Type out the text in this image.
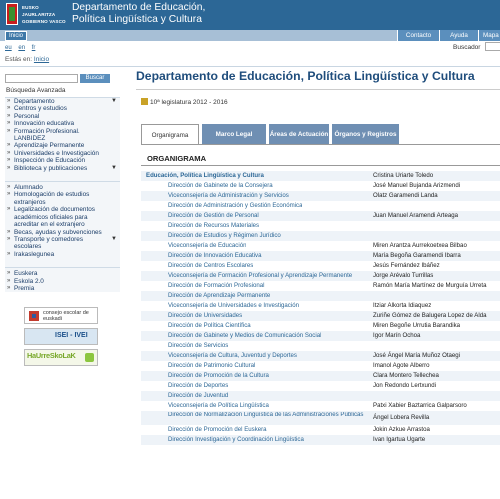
EUSKO JAURLARITZA
GOBIERNO VASCO
Departamento de Educación,
Política Lingüística y Cultura
Inicio	Contacto	Ayuda	Mapa
eu en fr	Buscador
Estás en: Inicio
Buscar
Búsqueda Avanzada
» Departamento	▼
» Centros y estudios
» Personal
» Innovación educativa
» Formación Profesional. LANBIDEZ
» Aprendizaje Permanente
» Universidades e Investigación
» Inspección de Educación
» Biblioteca y publicaciones	▼
» Alumnado
» Homologación de estudios extranjeros
» Legalización de documentos académicos oficiales para acreditar en el extranjero
» Becas, ayudas y subvenciones
» Transporte y comedores escolares
▼
» Irakaslegunea
» Euskera
» Eskola 2.0
» Premia
consejo escolar de euskadi
ISEI - IVEI
HaUrreSkoLaK
Departamento de Educación, Política Lingüística y Cultura
10ª legislatura 2012 - 2016
Organigrama	Marco Legal	Áreas de Actuación Órganos y Registros
ORGANIGRAMA
Educación, Política Lingüística y Cultura	Cristina Uriarte Toledo
Dirección de Gabinete de la Consejera	José Manuel Bujanda Arizmendi
Viceconsejería de Administración y Servicios	Olatz Garamendi Landa
Dirección de Administración y Gestión Económica
Dirección de Gestión de Personal	Juan Manuel Aramendi Arteaga
Dirección de Recursos Materiales
Dirección de Estudios y Régimen Jurídico
Viceconsejería de Educación	Miren Arantza Aurrekoetxea Bilbao
Dirección de Innovación Educativa	María Begoña Garamendi Ibarra
Dirección de Centros Escolares	Jesús Fernández Ibáñez
Viceconsejería de Formación Profesional y Aprendizaje Permanente	Jorge Arévalo Turrillas
Dirección de Formación Profesional	Ramón María Martínez de Murguía Urreta
Dirección de Aprendizaje Permanente
Viceconsejería de Universidades e Investigación	Itziar Alkorta Idiaquez
Dirección de Universidades	Zuriñe Gómez de Balugera Lopez de Alda
Dirección de Política Científica	Miren Begoñe Urrutia Barandika
Dirección de Gabinete y Medios de Comunicación Social	Igor Marín Ochoa
Dirección de Servicios
Viceconsejería de Cultura, Juventud y Deportes	José Ángel María Muñoz Otaegi
Dirección de Patrimonio Cultural	Imanol Agote Alberro
Dirección de Promoción de la Cultura	Clara Montero Tellechea
Dirección de Deportes	Jon Redondo Lertxundi
Dirección de Juventud
Viceconsejería de Política Lingüística	Patxi Xabier Baztarrica Galparsoro
Dirección de Normalización Lingüística de las Administraciones Públicas	Ángel Lobera Revilla
Dirección de Promoción del Euskera	Jokin Azkue Arrastoa
Dirección Investigación y Coordinación Lingüística	Ivan Igartua Ugarte
